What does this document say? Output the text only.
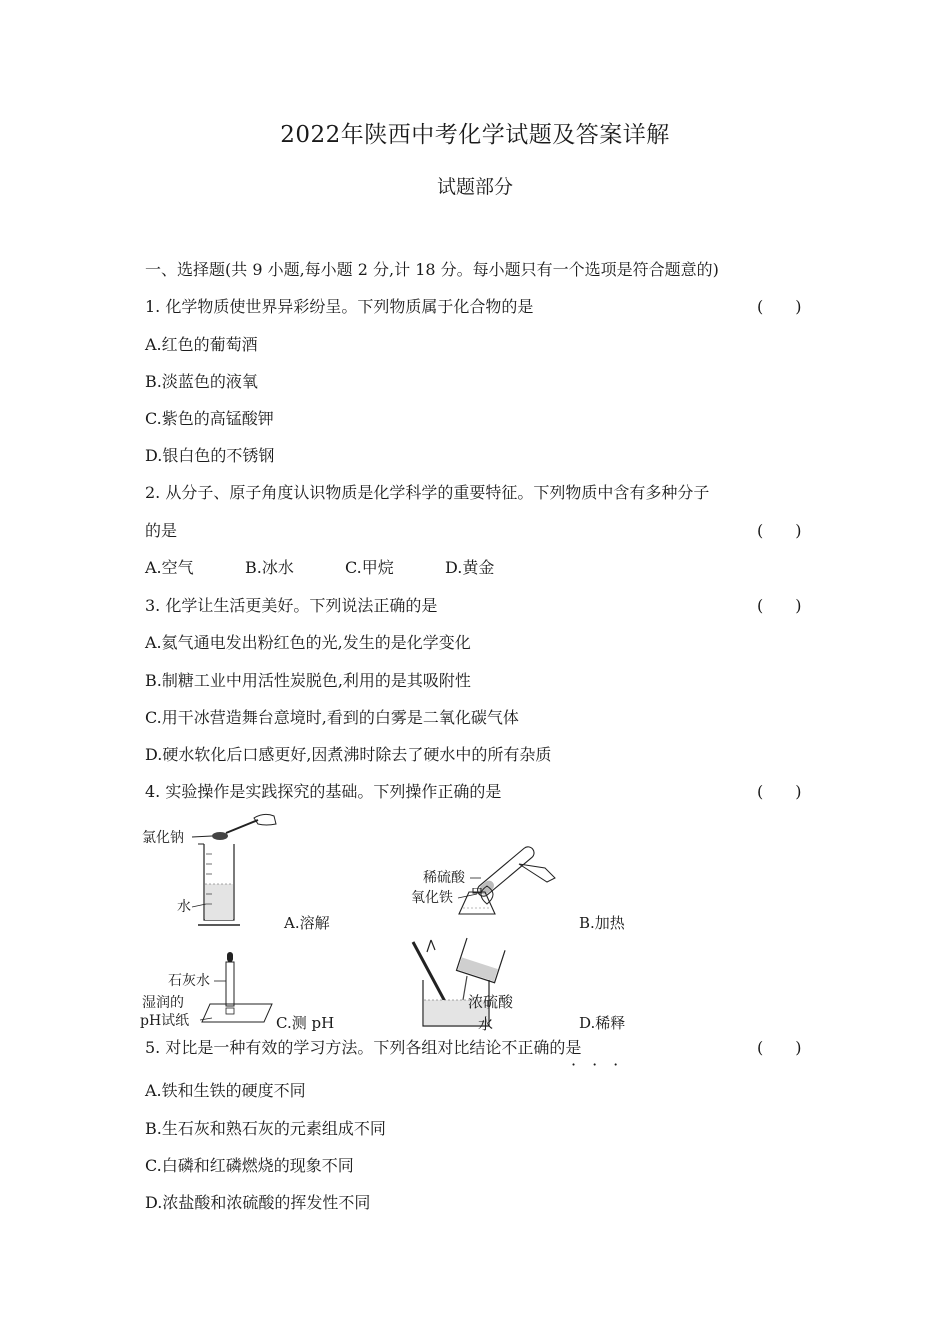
2022年陕西中考化学试题及答案详解
试题部分
一、选择题(共 9 小题,每小题 2 分,计 18 分。每小题只有一个选项是符合题意的)
1. 化学物质使世界异彩纷呈。下列物质属于化合物的是	(　　)
A.红色的葡萄酒
B.淡蓝色的液氧
C.紫色的高锰酸钾
D.银白色的不锈钢
2. 从分子、原子角度认识物质是化学科学的重要特征。下列物质中含有多种分子
的是	(　　)
A.空气	B.冰水	C.甲烷	D.黄金
3. 化学让生活更美好。下列说法正确的是	(　　)
A.氦气通电发出粉红色的光,发生的是化学变化
B.制糖工业中用活性炭脱色,利用的是其吸附性
C.用干冰营造舞台意境时,看到的白雾是二氧化碳气体
D.硬水软化后口感更好,因煮沸时除去了硬水中的所有杂质
4. 实验操作是实践探究的基础。下列操作正确的是	(　　)
氯化钠
水
A.溶解
稀硫酸
氧化铁
B.加热
石灰水
湿润的
pH试纸	C.测 pH
浓硫酸
水	D.稀释
5. 对比是一种有效的学习方法。下列各组对比结论不正确的是
·　·　·
(　　)
A.铁和生铁的硬度不同
B.生石灰和熟石灰的元素组成不同
C.白磷和红磷燃烧的现象不同
D.浓盐酸和浓硫酸的挥发性不同
